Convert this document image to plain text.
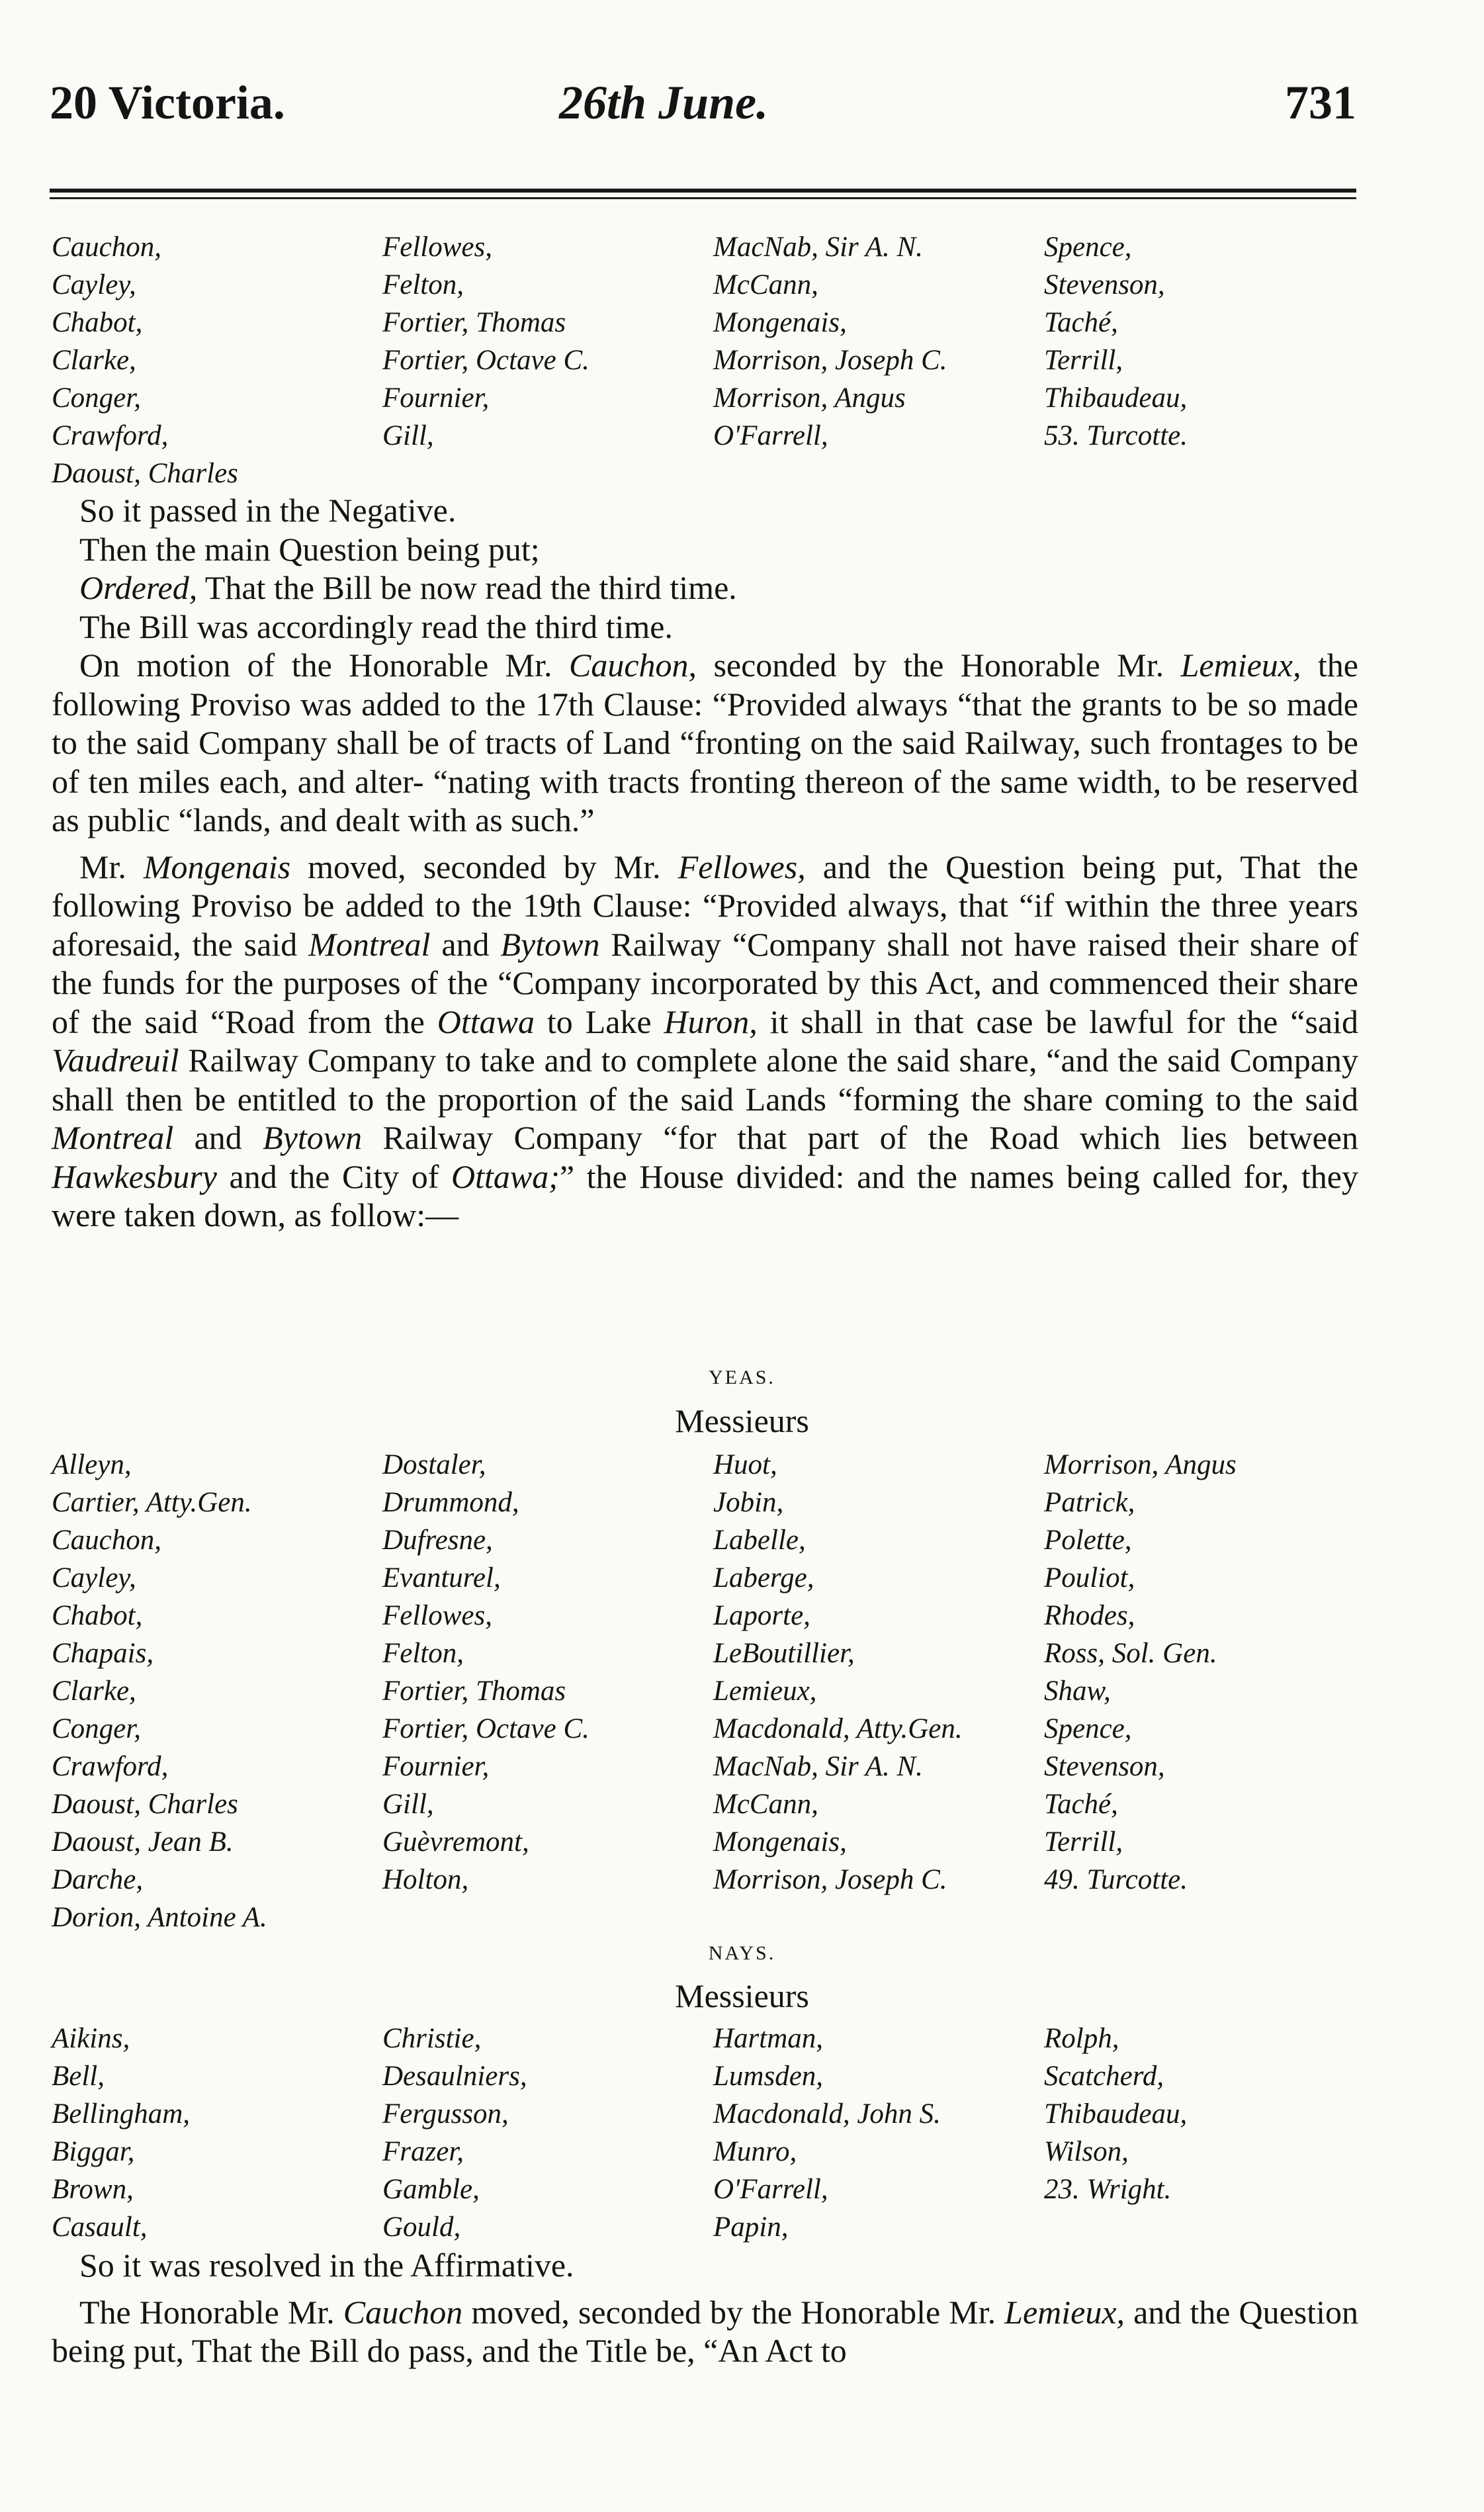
20 Victoria.	26th June.	731
Cauchon,	Fellowes,	MacNab, Sir A. N.	Spence,
Cayley,	Felton,	McCann,	Stevenson,
Chabot,	Fortier, Thomas	Mongenais,	Taché,
Clarke,	Fortier, Octave C.	Morrison, Joseph C.	Terrill,
Conger,	Fournier,	Morrison, Angus	Thibaudeau,
Crawford,	Gill,	O'Farrell,	53. Turcotte.
Daoust, Charles

So it passed in the Negative.

Then the main Question being put;

Ordered, That the Bill be now read the third time.

The Bill was accordingly read the third time.

On motion of the Honorable Mr. Cauchon, seconded by the Honorable Mr. Lemieux, the following Proviso was added to the 17th Clause: “Provided always “that the grants to be so made to the said Company shall be of tracts of Land “fronting on the said Railway, such frontages to be of ten miles each, and alter- “nating with tracts fronting thereon of the same width, to be reserved as public “lands, and dealt with as such.”

Mr. Mongenais moved, seconded by Mr. Fellowes, and the Question being put, That the following Proviso be added to the 19th Clause: “Provided always, that “if within the three years aforesaid, the said Montreal and Bytown Railway “Company shall not have raised their share of the funds for the purposes of the “Company incorporated by this Act, and commenced their share of the said “Road from the Ottawa to Lake Huron, it shall in that case be lawful for the “said Vaudreuil Railway Company to take and to complete alone the said share, “and the said Company shall then be entitled to the proportion of the said Lands “forming the share coming to the said Montreal and Bytown Railway Company “for that part of the Road which lies between Hawkesbury and the City of Ottawa;” the House divided: and the names being called for, they were taken down, as follow:—

YEAS.
Messieurs
Alleyn,	Dostaler,	Huot,	Morrison, Angus
Cartier, Atty.Gen.	Drummond,	Jobin,	Patrick,
Cauchon,	Dufresne,	Labelle,	Polette,
Cayley,	Evanturel,	Laberge,	Pouliot,
Chabot,	Fellowes,	Laporte,	Rhodes,
Chapais,	Felton,	LeBoutillier,	Ross, Sol. Gen.
Clarke,	Fortier, Thomas	Lemieux,	Shaw,
Conger,	Fortier, Octave C.	Macdonald, Atty.Gen.	Spence,
Crawford,	Fournier,	MacNab, Sir A. N.	Stevenson,
Daoust, Charles	Gill,	McCann,	Taché,
Daoust, Jean B.	Guèvremont,	Mongenais,	Terrill,
Darche,	Holton,	Morrison, Joseph C.	49. Turcotte.
Dorion, Antoine A.
NAYS.
Messieurs
Aikins,	Christie,	Hartman,	Rolph,
Bell,	Desaulniers,	Lumsden,	Scatcherd,
Bellingham,	Fergusson,	Macdonald, John S.	Thibaudeau,
Biggar,	Frazer,	Munro,	Wilson,
Brown,	Gamble,	O'Farrell,	23. Wright.
Casault,	Gould,	Papin,

So it was resolved in the Affirmative.

The Honorable Mr. Cauchon moved, seconded by the Honorable Mr. Lemieux, and the Question being put, That the Bill do pass, and the Title be, “An Act to
